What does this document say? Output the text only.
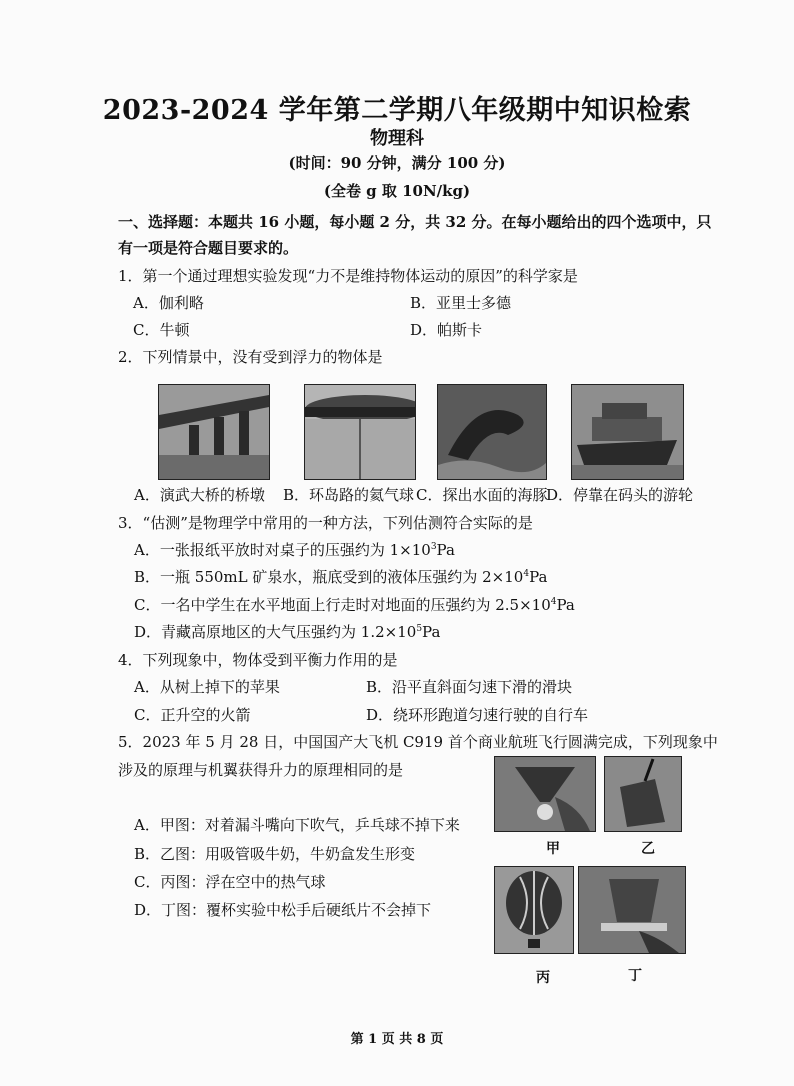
2023-2024 学年第二学期八年级期中知识检索
物理科
(时间：90 分钟，满分 100 分)
(全卷 g 取 10N/kg)
一、选择题：本题共 16 小题，每小题 2 分，共 32 分。在每小题给出的四个选项中，只
有一项是符合题目要求的。
1．第一个通过理想实验发现“力不是维持物体运动的原因”的科学家是
A．伽利略	B．亚里士多德
C．牛顿	D．帕斯卡
2．下列情景中，没有受到浮力的物体是
A．演武大桥的桥墩 B．环岛路的氦气球 C．探出水面的海豚
D．停靠在码头的游轮
3．“估测”是物理学中常用的一种方法，下列估测符合实际的是
A．一张报纸平放时对桌子的压强约为 $1\times 10^3Pa$
B．一瓶 550mL 矿泉水，瓶底受到的液体压强约为 $2\times 10^4Pa$
C．一名中学生在水平地面上行走时对地面的压强约为 $2.5\times 10^4Pa$
D．青藏高原地区的大气压强约为 $1.2\times 10^5Pa$
4．下列现象中，物体受到平衡力作用的是
A．从树上掉下的苹果	B．沿平直斜面匀速下滑的滑块
C．正升空的火箭	D．绕环形跑道匀速行驶的自行车
5．2023 年 5 月 28 日，中国国产大飞机 C919 首个商业航班飞行圆满完成，下列现象中
涉及的原理与机翼获得升力的原理相同的是
A．甲图：对着漏斗嘴向下吹气，乒乓球不掉下来
B．乙图：用吸管吸牛奶，牛奶盒发生形变
C．丙图：浮在空中的热气球
D．丁图：覆杯实验中松手后硬纸片不会掉下
甲	乙
丙	丁
第 1 页 共 8 页
